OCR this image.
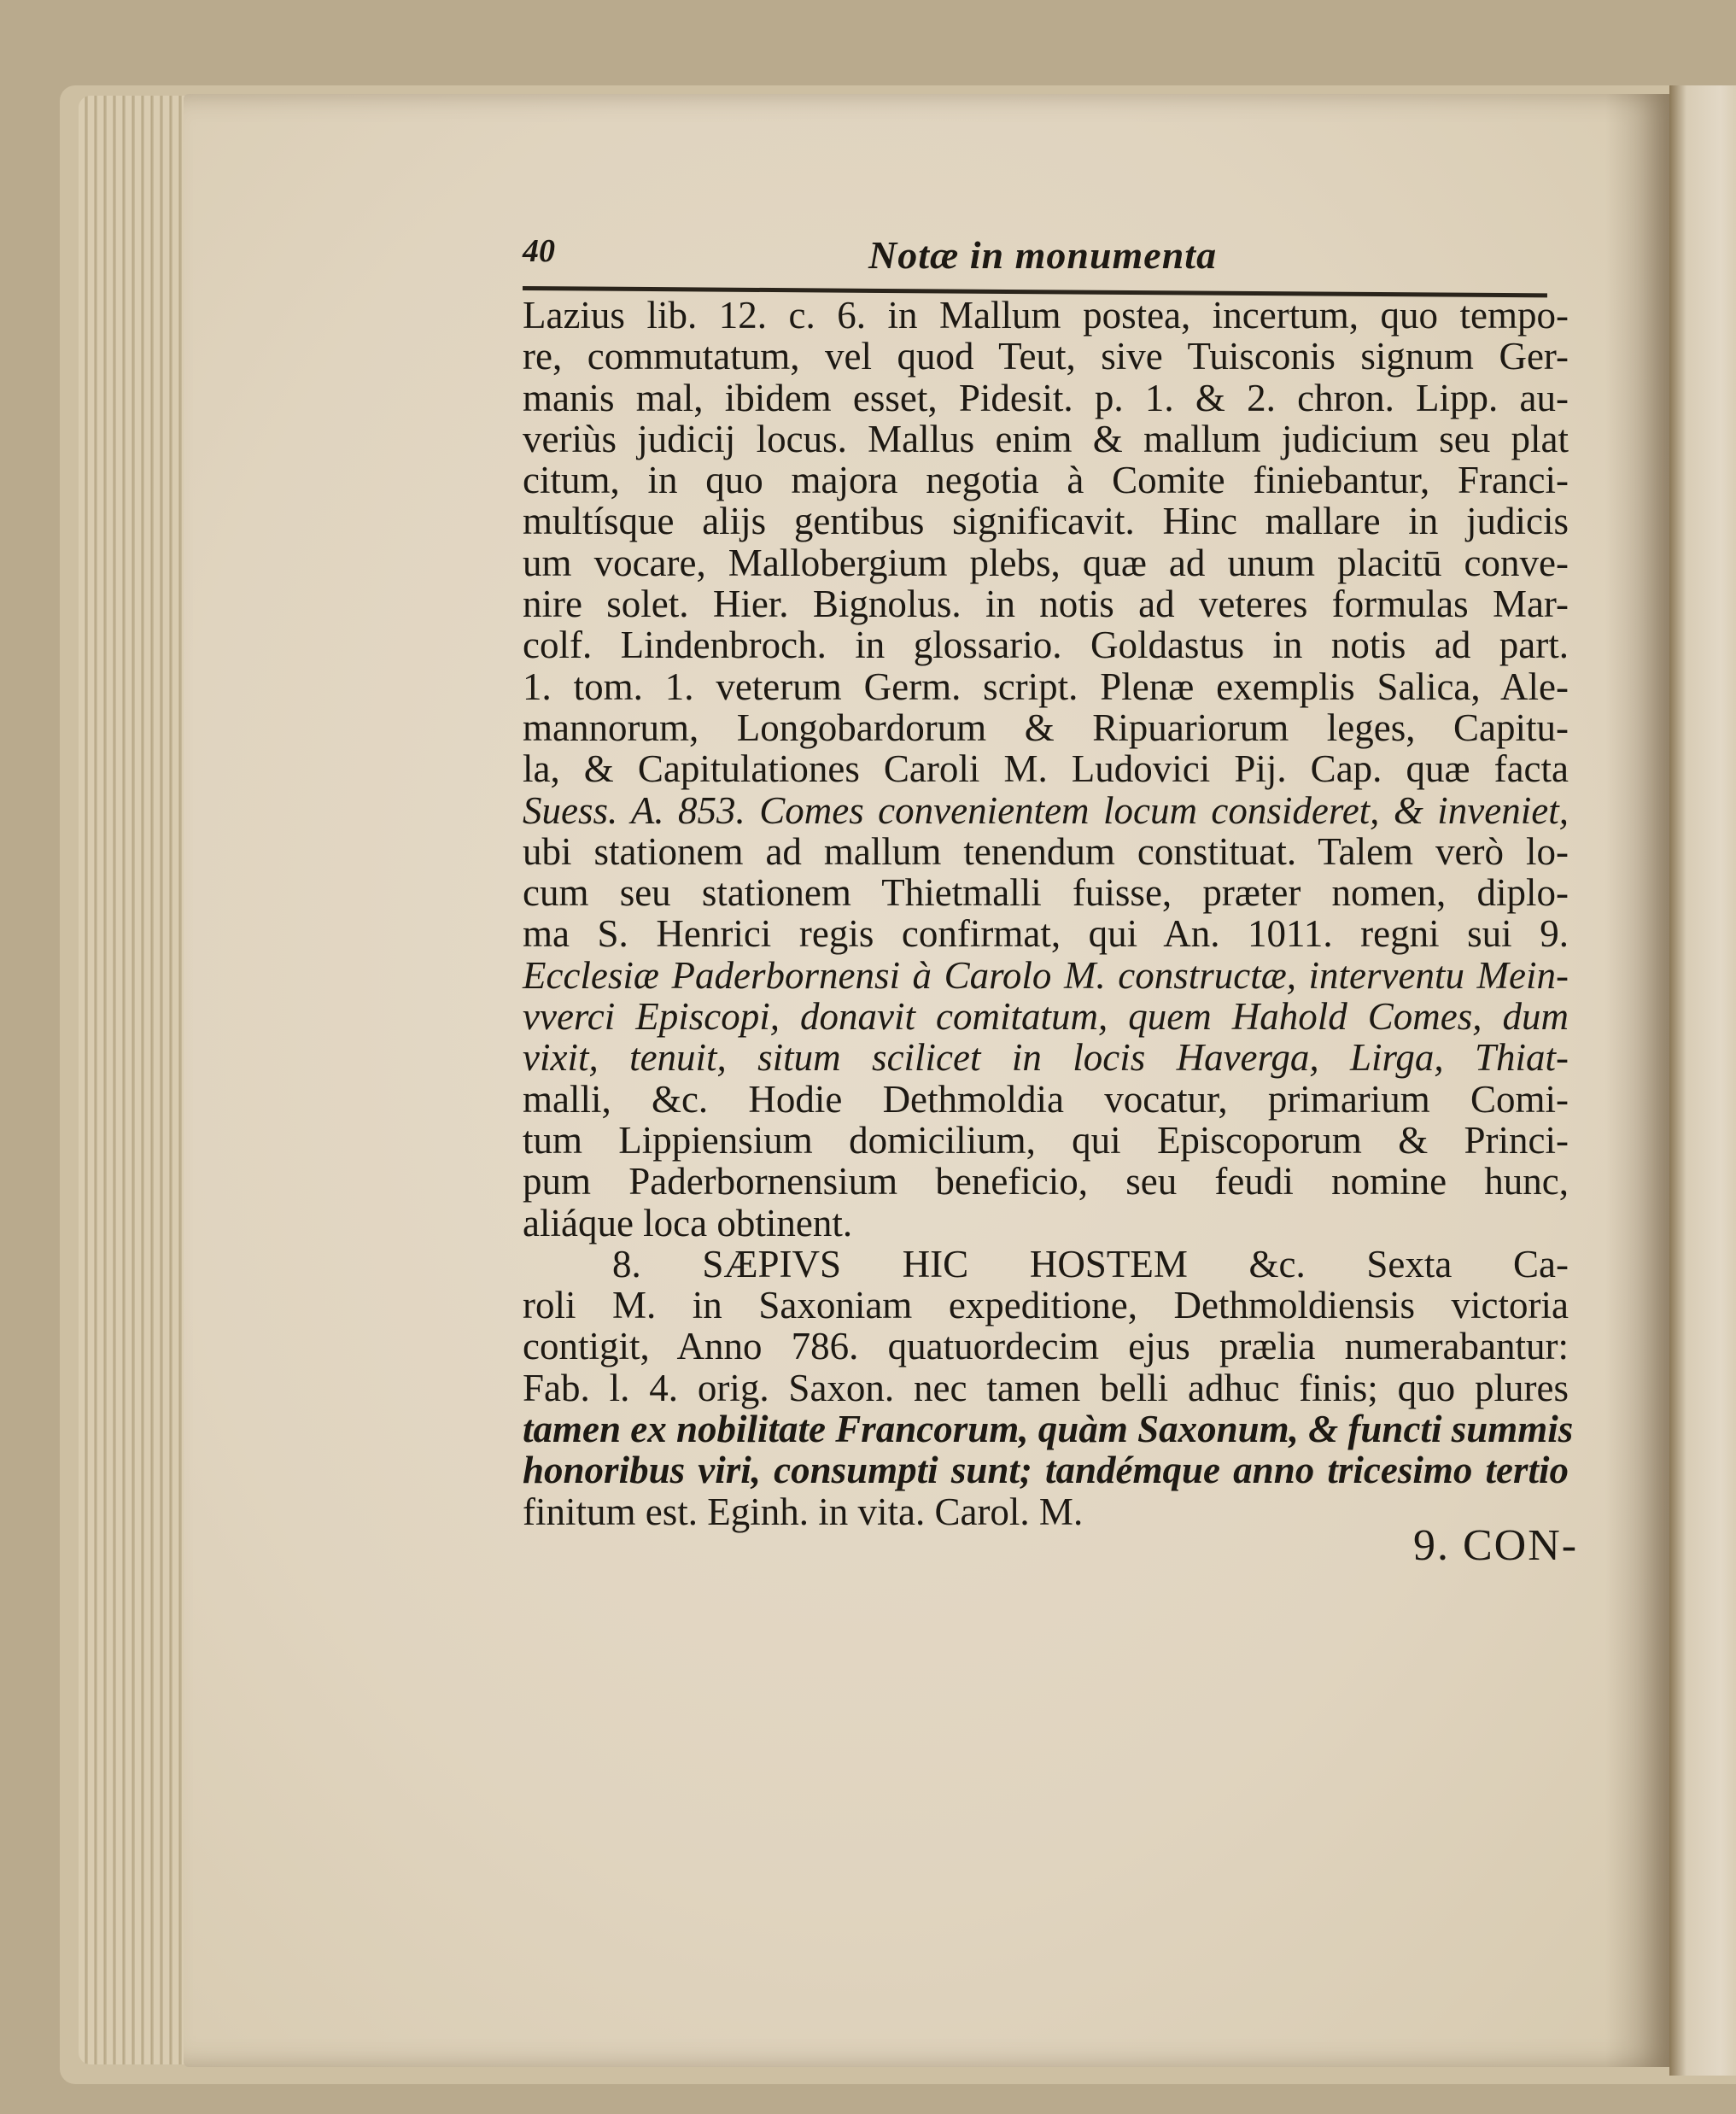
40	Notæ in monumenta
Lazius lib. 12. c. 6. in Mallum postea, incertum, quo tempo-
re, commutatum, vel quod Teut, sive Tuisconis signum Ger-
manis mal, ibidem esset, Pidesit. p. 1. & 2. chron. Lipp. au-
veriùs judicij locus. Mallus enim & mallum judicium seu plat
citum, in quo majora negotia à Comite finiebantur, Franci-
multísque alijs gentibus significavit. Hinc mallare in judicis
um vocare, Mallobergium plebs, quæ ad unum placitū conve-
nire solet. Hier. Bignolus. in notis ad veteres formulas Mar-
colf. Lindenbroch. in glossario. Goldastus in notis ad part.
1. tom. 1. veterum Germ. script. Plenæ exemplis Salica, Ale-
mannorum, Longobardorum & Ripuariorum leges, Capitu-
la, & Capitulationes Caroli M. Ludovici Pij. Cap. quæ facta
Suess. A. 853. Comes convenientem locum consideret, & inveniet,
ubi stationem ad mallum tenendum constituat. Talem verò lo-
cum seu stationem Thietmalli fuisse, præter nomen, diplo-
ma S. Henrici regis confirmat, qui An. 1011. regni sui 9.
Ecclesiæ Paderbornensi à Carolo M. constructæ, interventu Mein-
vverci Episcopi, donavit comitatum, quem Hahold Comes, dum
vixit, tenuit, situm scilicet in locis Haverga, Lirga, Thiat-
malli, &c. Hodie Dethmoldia vocatur, primarium Comi-
tum Lippiensium domicilium, qui Episcoporum & Princi-
pum Paderbornensium beneficio, seu feudi nomine hunc,
aliáque loca obtinent.
8. SÆPIVS HIC HOSTEM &c. Sexta Ca-
roli M. in Saxoniam expeditione, Dethmoldiensis victoria
contigit, Anno 786. quatuordecim ejus prælia numerabantur:
Fab. l. 4. orig. Saxon. nec tamen belli adhuc finis; quo plures
tamen ex nobilitate Francorum, quàm Saxonum, & functi summis
honoribus viri, consumpti sunt; tandémque anno tricesimo tertio
finitum est. Eginh. in vita. Carol. M.
9. CON-
